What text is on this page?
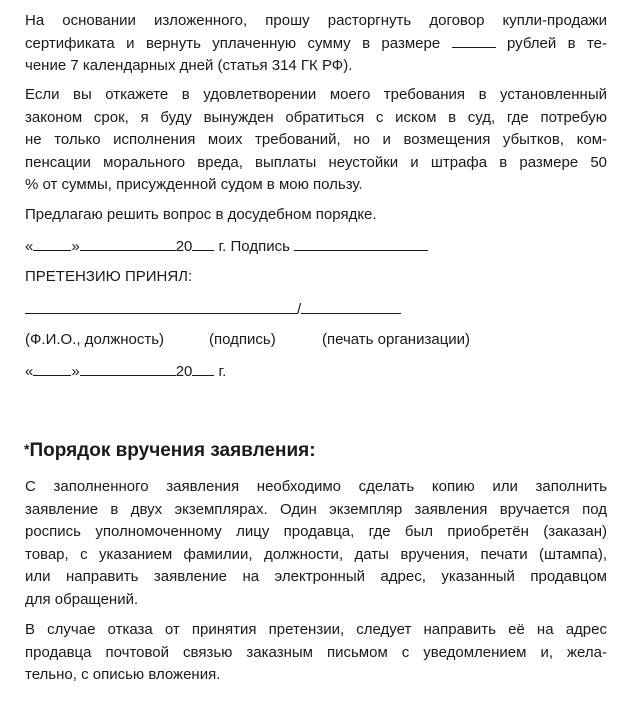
На основании изложенного, прошу расторгнуть договор купли-продажи
сертификата и вернуть уплаченную сумму в размере	рублей в те-
чение 7 календарных дней (статья 314 ГК РФ).
Если вы откажете в удовлетворении моего требования в установленный
законом срок, я буду вынужден обратиться с иском в суд, где потребую
не только исполнения моих требований, но и возмещения убытков, ком-
пенсации морального вреда, выплаты неустойки и штрафа в размере 50
% от суммы, присужденной судом в мою пользу.
Предлагаю решить вопрос в досудебном порядке.
«	»	20 г. Подпись
ПРЕТЕНЗИЮ ПРИНЯЛ:
/
(Ф.И.О., должность)	(подпись)	(печать организации)
«	»	20 г.
*Порядок вручения заявления:
С заполненного заявления необходимо сделать копию или заполнить
заявление в двух экземплярах. Один экземпляр заявления вручается под
роспись уполномоченному лицу продавца, где был приобретён (заказан)
товар, с указанием фамилии, должности, даты вручения, печати (штампа),
или направить заявление на электронный адрес, указанный продавцом
для обращений.
В случае отказа от принятия претензии, следует направить её на адрес
продавца почтовой связью заказным письмом с уведомлением и, жела-
тельно, с описью вложения.
